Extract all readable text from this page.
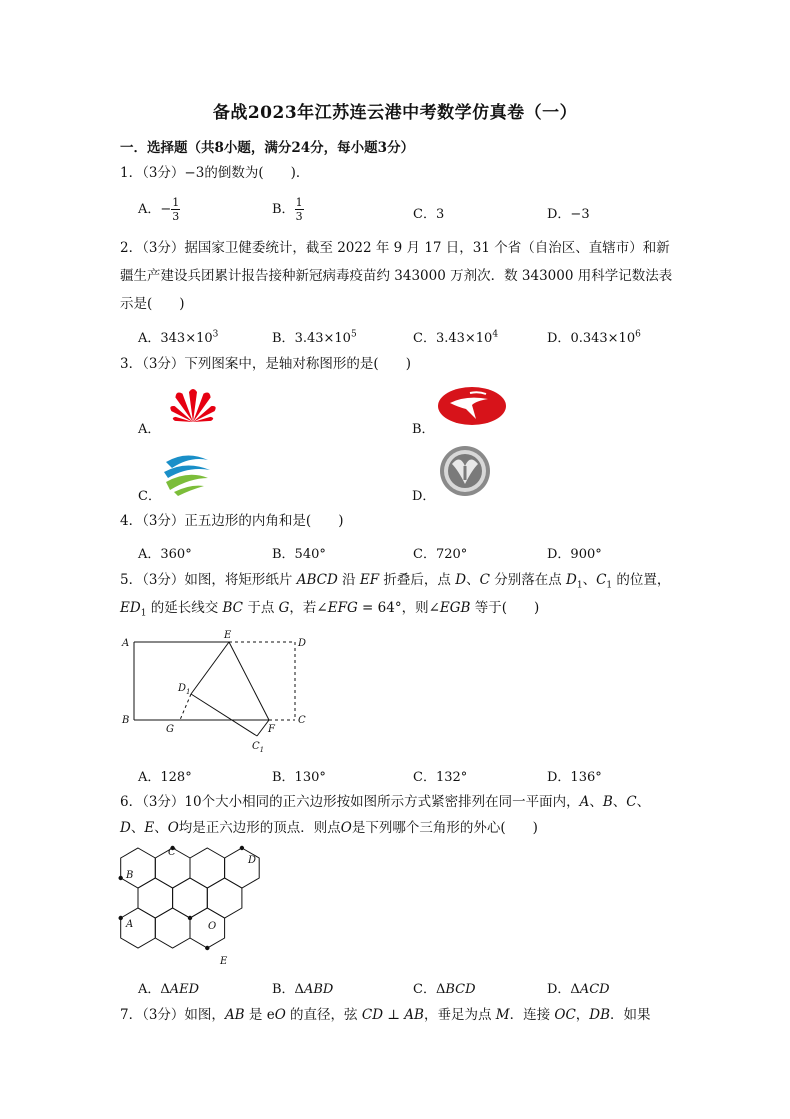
备战2023年江苏连云港中考数学仿真卷（一）
一．选择题（共8小题，满分24分，每小题3分）
1．（3分）−3的倒数为(　　)．
A．− $\frac{1}{3}$	B． $\frac{1}{3}$	C．3	D．−3
2．（3分）据国家卫健委统计，截至 2022 年 9 月 17 日，31 个省（自治区、直辖市）和新
疆生产建设兵团累计报告接种新冠病毒疫苗约 343000 万剂次．数 343000 用科学记数法表
示是(　　)
A．$343\times 10^3$	B．$3.43\times 10^5$	C．$3.43\times 10^4$	D．$0.343\times 10^6$
3．（3分）下列图案中，是轴对称图形的是(　　)
A．	B．
C．	D．
4．（3分）正五边形的内角和是(　　)
A．360°	B．540°	C．720°	D．900°
5．（3分）如图，将矩形纸片 ABCD 沿 EF 折叠后，点 D、C 分别落在点 $D_1$、$C_1$ 的位置，
$ED_1$ 的延长线交 BC 于点 G，若∠EFG = 64°，则∠EGB 等于(　　)
A
B	C
D
E
F
G
$D_1$
$C_1$
A．128°	B．130°	C．132°	D．136°
6．（3分）10个大小相同的正六边形按如图所示方式紧密排列在同一平面内，A、B、C、
D、E、O均是正六边形的顶点．则点O是下列哪个三角形的外心(　　)
C
D
B
A	O
E
A．ΔAED	B．ΔABD	C．ΔBCD	D．ΔACD
7．（3分）如图，AB 是 eO 的直径，弦 CD ⊥ AB，垂足为点 M．连接 OC，DB．如果
